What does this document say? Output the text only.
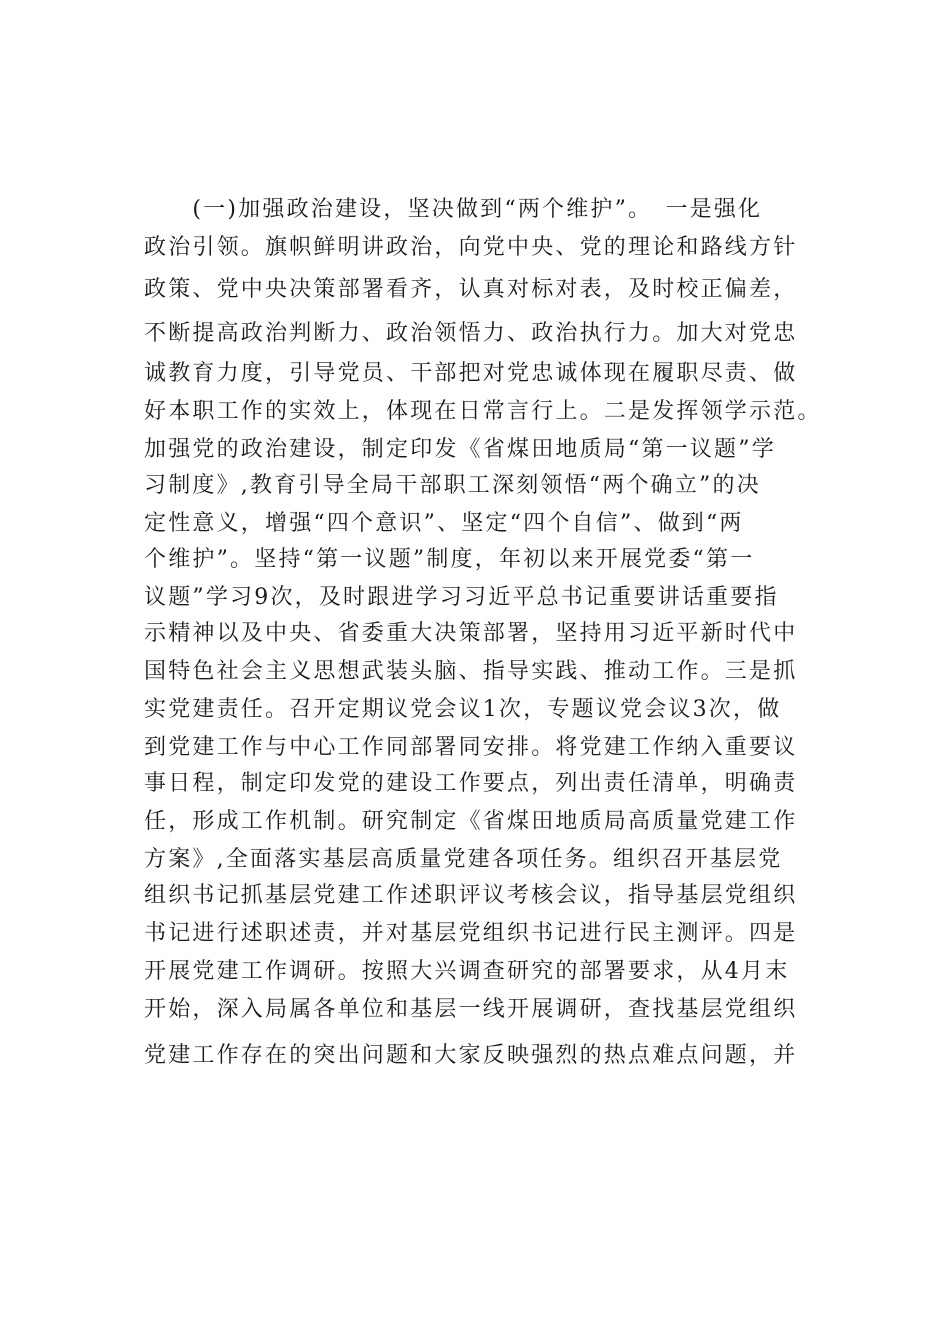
　　(一)加强政治建设，坚决做到“两个维护”。　一是强化
政治引领。旗帜鲜明讲政治，向党中央、党的理论和路线方针
政策、党中央决策部署看齐，认真对标对表，及时校正偏差，
不断提高政治判断力、政治领悟力、政治执行力。加大对党忠
诚教育力度，引导党员、干部把对党忠诚体现在履职尽责、做
好本职工作的实效上，体现在日常言行上。二是发挥领学示范。
加强党的政治建设，制定印发《省煤田地质局“第一议题”学
习制度》,教育引导全局干部职工深刻领悟“两个确立”的决
定性意义，增强“四个意识”、坚定“四个自信”、做到“两
个维护”。坚持“第一议题”制度，年初以来开展党委“第一
议题”学习9次，及时跟进学习习近平总书记重要讲话重要指
示精神以及中央、省委重大决策部署，坚持用习近平新时代中
国特色社会主义思想武装头脑、指导实践、推动工作。三是抓
实党建责任。召开定期议党会议1次，专题议党会议3次，做
到党建工作与中心工作同部署同安排。将党建工作纳入重要议
事日程，制定印发党的建设工作要点，列出责任清单，明确责
任，形成工作机制。研究制定《省煤田地质局高质量党建工作
方案》,全面落实基层高质量党建各项任务。组织召开基层党
组织书记抓基层党建工作述职评议考核会议，指导基层党组织
书记进行述职述责，并对基层党组织书记进行民主测评。四是
开展党建工作调研。按照大兴调查研究的部署要求，从4月末
开始，深入局属各单位和基层一线开展调研，查找基层党组织
党建工作存在的突出问题和大家反映强烈的热点难点问题，并
